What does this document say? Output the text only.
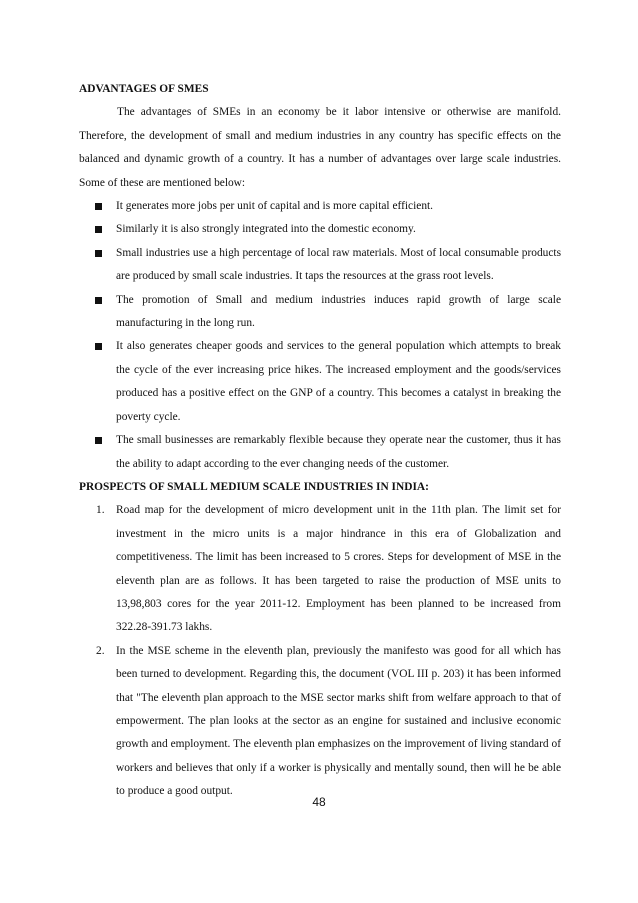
ADVANTAGES OF SMES

The advantages of SMEs in an economy be it labor intensive or otherwise are manifold. Therefore, the development of small and medium industries in any country has specific effects on the balanced and dynamic growth of a country. It has a number of advantages over large scale industries. Some of these are mentioned below:

It generates more jobs per unit of capital and is more capital efficient.
Similarly it is also strongly integrated into the domestic economy.
Small industries use a high percentage of local raw materials. Most of local consumable products are produced by small scale industries. It taps the resources at the grass root levels.
The promotion of Small and medium industries induces rapid growth of large scale manufacturing in the long run.
It also generates cheaper goods and services to the general population which attempts to break the cycle of the ever increasing price hikes. The increased employment and the goods/services produced has a positive effect on the GNP of a country. This becomes a catalyst in breaking the poverty cycle.
The small businesses are remarkably flexible because they operate near the customer, thus it has the ability to adapt according to the ever changing needs of the customer.

PROSPECTS OF SMALL MEDIUM SCALE INDUSTRIES IN INDIA:

1. Road map for the development of micro development unit in the 11th plan. The limit set for investment in the micro units is a major hindrance in this era of Globalization and competitiveness. The limit has been increased to 5 crores. Steps for development of MSE in the eleventh plan are as follows. It has been targeted to raise the production of MSE units to 13,98,803 cores for the year 2011-12. Employment has been planned to be increased from 322.28-391.73 lakhs.
2. In the MSE scheme in the eleventh plan, previously the manifesto was good for all which has been turned to development. Regarding this, the document (VOL III p. 203) it has been informed that "The eleventh plan approach to the MSE sector marks shift from welfare approach to that of empowerment. The plan looks at the sector as an engine for sustained and inclusive economic growth and employment. The eleventh plan emphasizes on the improvement of living standard of workers and believes that only if a worker is physically and mentally sound, then will he be able to produce a good output.
48
